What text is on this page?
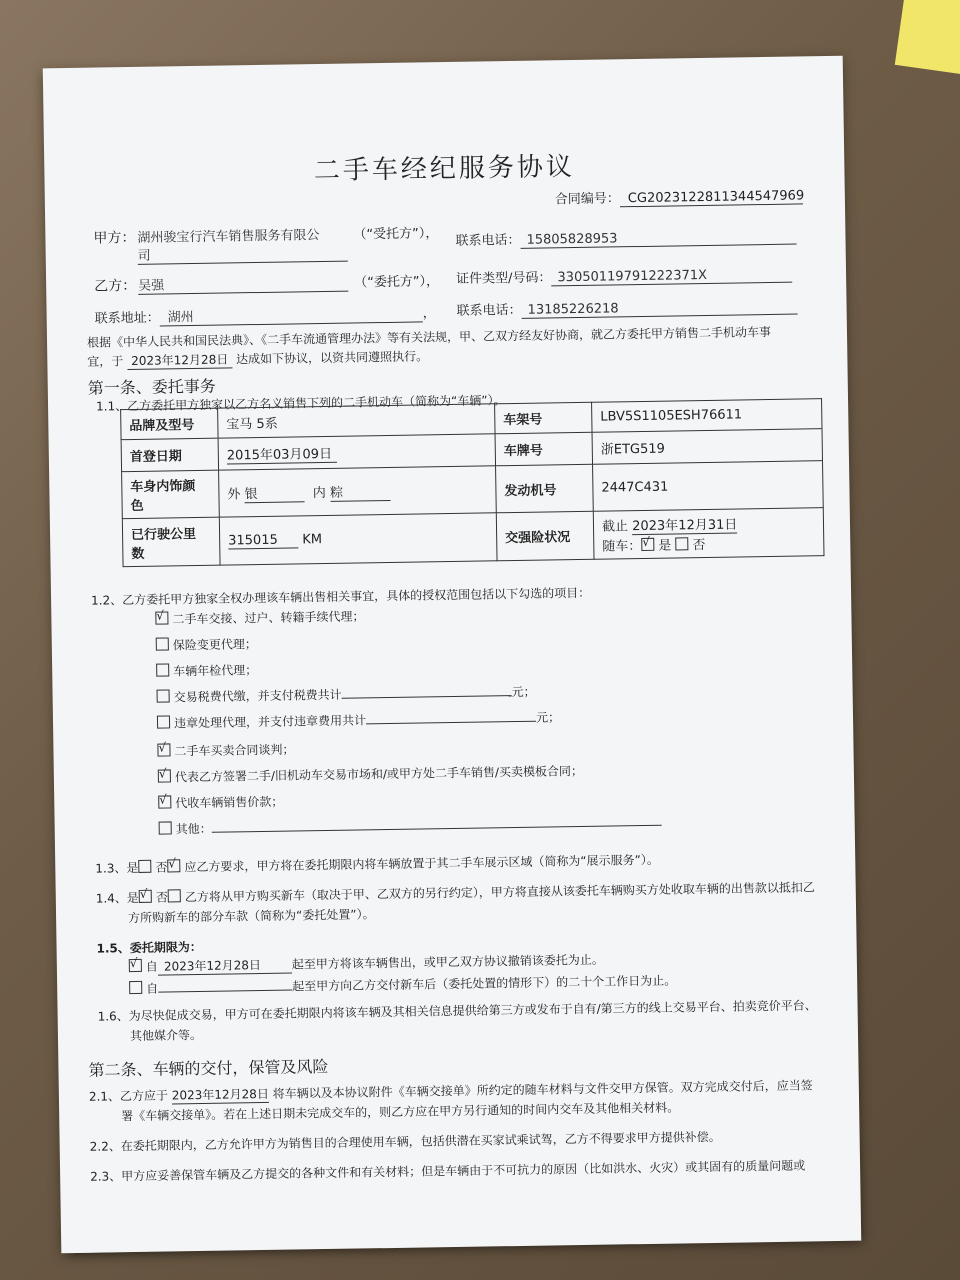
二手车经纪服务协议
合同编号： CG20231228113445479​69
甲方： 湖州骏宝行汽车销售服务有限公
司
（“受托方”）， 联系电话： 15805828953
乙方： 吴强	（“委托方”）， 证件类型/号码： 33050119791222371X
联系地址： 湖州	， 联系电话： 13185226218
根据《中华人民共和国民法典》、《二手车流通管理办法》等有关法规，甲、乙双方经友好协商，就乙方委托甲方销售二手机动车事
宜，于 2023年12月28日 达成如下协议，以资共同遵照执行。
第一条、委托事务
1.1、乙方委托甲方独家以乙方名义销售下列的二手机动车（简称为“车辆”）。
品牌及型号	宝马 5系	车架号	LBV5S1105ESH76611
首登日期	2015年03月09日	车牌号	浙ETG519
车身内饰颜
色	外 银 内 粽	发动机号	2447C431
已行驶公里
数	315015 KM	交强险状况	截止 2023年12月31日
随车： √ 是 否
1.2、乙方委托甲方独家全权办理该车辆出售相关事宜，具体的授权范围包括以下勾选的项目：
√二手车交接、过户、转籍手续代理；
保险变更代理；
车辆年检代理；
交易税费代缴，并支付税费共计	元；
违章处理代理，并支付违章费用共计	元；
√二手车买卖合同谈判；
√代表乙方签署二手/旧机动车交易市场和/或甲方处二手车销售/买卖模板合同；
√代收车辆销售价款；
其他：
1.3、是 否 √ 应乙方要求，甲方将在委托期限内将车辆放置于其二手车展示区域（简称为“展示服务”）。
1.4、是 √ 否 乙方将从甲方购买新车（取决于甲、乙双方的另行约定），甲方将直接从该委托车辆购买方处收取车辆的出售款以抵扣乙
方所购新车的部分车款（简称为“委托处置”）。
1.5、委托期限为：
√自 2023年12月28日	起至甲方将该车辆售出，或甲乙双方协议撤销该委托为止。
自	起至甲方向乙方交付新车后（委托处置的情形下）的二十个工作日为止。
1.6、为尽快促成交易，甲方可在委托期限内将该车辆及其相关信息提供给第三方或发布于自有/第三方的线上交易平台、拍卖竞价平台、
其他媒介等。
第二条、车辆的交付，保管及风险
2.1、乙方应于 2023年12月28日 将车辆以及本协议附件《车辆交接单》所约定的随车材料与文件交甲方保管。双方完成交付后，应当签
署《车辆交接单》。若在上述日期未完成交车的，则乙方应在甲方另行通知的时间内交车及其他相关材料。
2.2、在委托期限内，乙方允许甲方为销售目的合理使用车辆，包括供潜在买家试乘试驾，乙方不得要求甲方提供补偿。
2.3、甲方应妥善保管车辆及乙方提交的各种文件和有关材料；但是车辆由于不可抗力的原因（比如洪水、火灾）或其固有的质量问题或
